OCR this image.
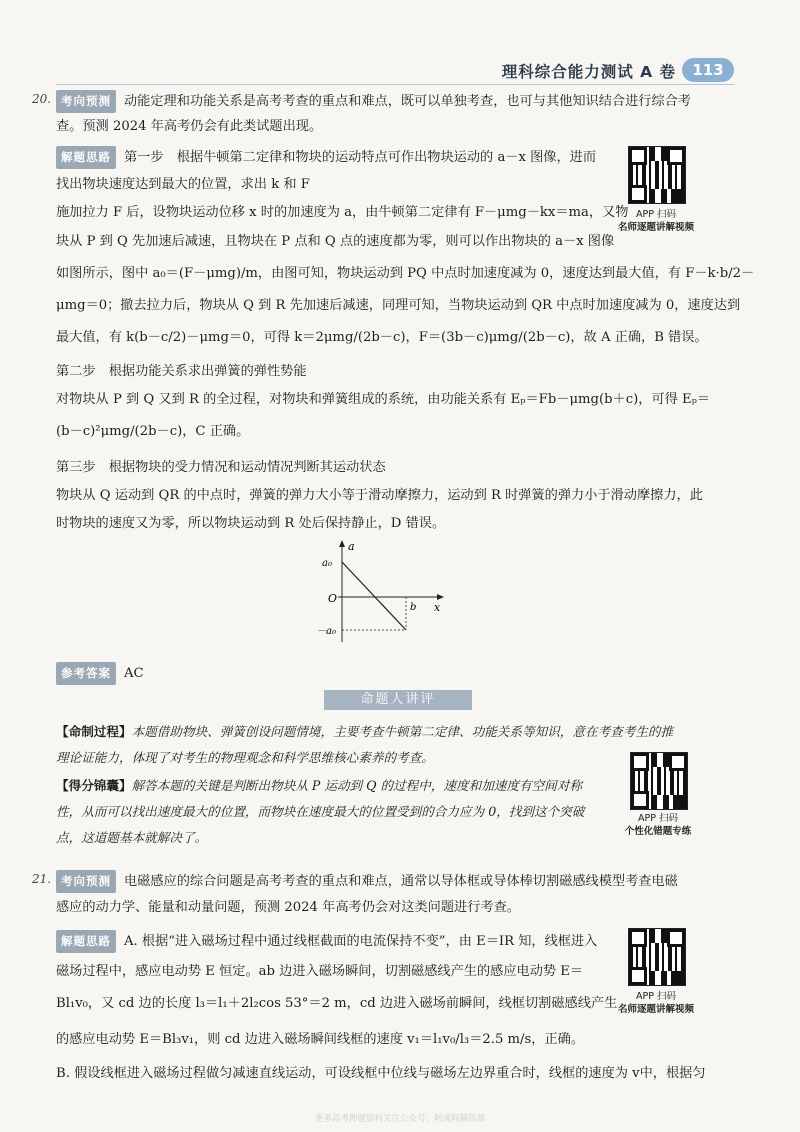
理科综合能力测试 A 卷	113
20. 考向预测 动能定理和功能关系是高考考查的重点和难点，既可以单独考查，也可与其他知识结合进行综合考
查。预测 2024 年高考仍会有此类试题出现。
解题思路 第一步　根据牛顿第二定律和物块的运动特点可作出物块运动的 a－x 图像，进而
找出物块速度达到最大的位置，求出 k 和 F
施加拉力 F 后，设物块运动位移 x 时的加速度为 a，由牛顿第二定律有 F－μmg－kx＝ma，又物
块从 P 到 Q 先加速后减速，且物块在 P 点和 Q 点的速度都为零，则可以作出物块的 a－x 图像
如图所示，图中 a₀＝(F－μmg)/m，由图可知，物块运动到 PQ 中点时加速度减为 0，速度达到最大值，有 F－k·b/2－
μmg＝0；撤去拉力后，物块从 Q 到 R 先加速后减速，同理可知，当物块运动到 QR 中点时加速度减为 0，速度达到
最大值，有 k(b－c/2)－μmg＝0，可得 k＝2μmg/(2b－c)，F＝(3b－c)μmg/(2b－c)，故 A 正确，B 错误。
APP 扫码
名师逐题讲解视频
第二步　根据功能关系求出弹簧的弹性势能
对物块从 P 到 Q 又到 R 的全过程，对物块和弹簧组成的系统，由功能关系有 Eₚ＝Fb－μmg(b＋c)，可得 Eₚ＝
(b－c)²μmg/(2b－c)，C 正确。
第三步　根据物块的受力情况和运动情况判断其运动状态
物块从 Q 运动到 QR 的中点时，弹簧的弹力大小等于滑动摩擦力，运动到 R 时弹簧的弹力小于滑动摩擦力，此
时物块的速度又为零，所以物块运动到 R 处后保持静止，D 错误。
a
x
O
a₀
－a₀
b
参考答案 AC
命题人讲评
【命制过程】本题借助物块、弹簧创设问题情境，主要考查牛顿第二定律、功能关系等知识，意在考查考生的推
理论证能力，体现了对考生的物理观念和科学思维核心素养的考查。
【得分锦囊】解答本题的关键是判断出物块从 P 运动到 Q 的过程中，速度和加速度有空间对称
性，从而可以找出速度最大的位置，而物块在速度最大的位置受到的合力应为 0，找到这个突破
点，这道题基本就解决了。
APP 扫码
个性化错题专练
21. 考向预测 电磁感应的综合问题是高考考查的重点和难点，通常以导体框或导体棒切割磁感线模型考查电磁
感应的动力学、能量和动量问题，预测 2024 年高考仍会对这类问题进行考查。
解题思路 A. 根据“进入磁场过程中通过线框截面的电流保持不变”，由 E＝IR 知，线框进入
磁场过程中，感应电动势 E 恒定。ab 边进入磁场瞬间，切割磁感线产生的感应电动势 E＝
Bl₁v₀，又 cd 边的长度 l₃＝l₁＋2l₂cos 53°＝2 m，cd 边进入磁场前瞬间，线框切割磁感线产生
的感应电动势 E＝Bl₃v₁，则 cd 边进入磁场瞬间线框的速度 v₁＝l₁v₀/l₃＝2.5 m/s，正确。
B. 假设线框进入磁场过程做匀减速直线运动，可设线框中位线与磁场左边界重合时，线框的速度为 v中，根据匀
APP 扫码
名师逐题讲解视频
更多高考押题资料关注公众号：阿虎阿猫资源
